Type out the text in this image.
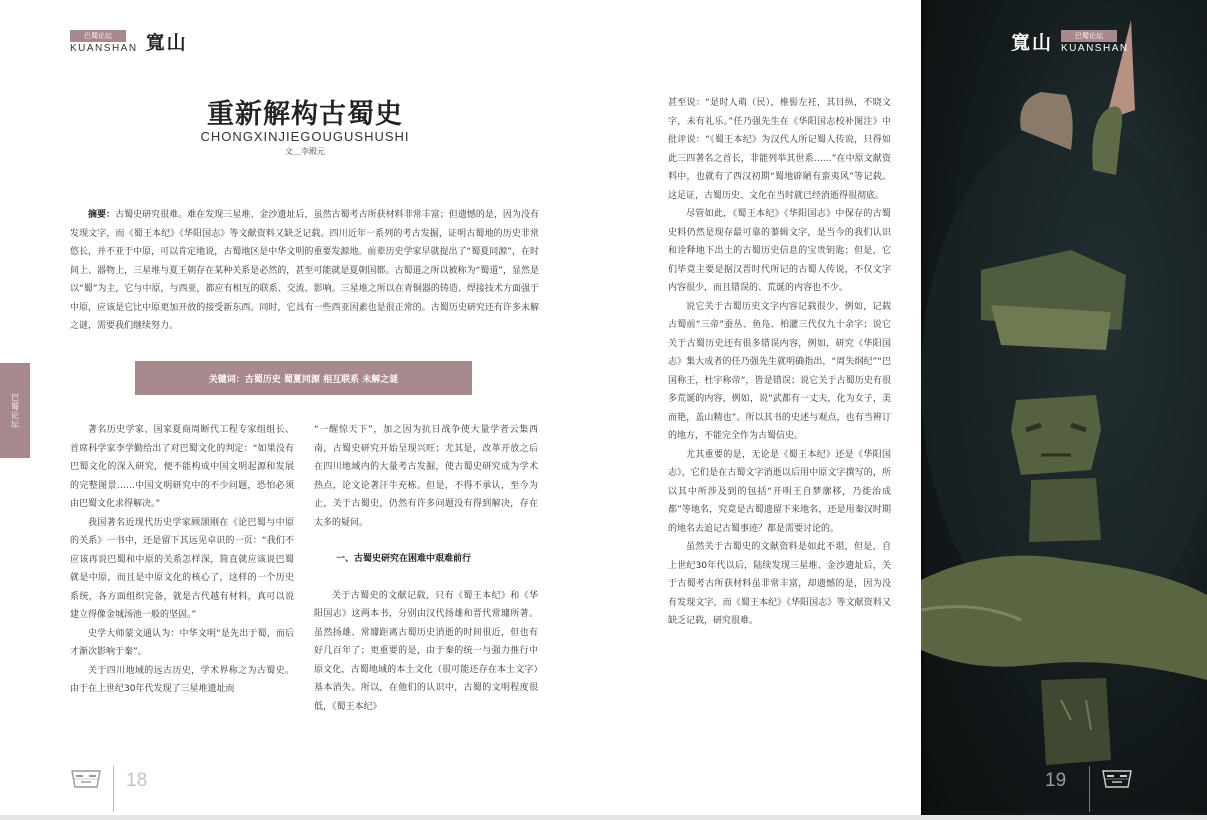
巴蜀论坛
KUANSHAN 寬山
巴蜀论坛
重新解构古蜀史
CHONGXINJIEGOUGUSHUSHI
文＿李殿元
摘要：古蜀史研究很难。难在发现三星堆、金沙遗址后，虽然古蜀考古所获材料非常丰富；但遗憾的是，因为没有发现文字，而《蜀王本纪》《华阳国志》等文献资料又缺乏记载。四川近年一系列的考古发掘，证明古蜀地的历史非常悠长，并不亚于中原，可以肯定地说，古蜀地区是中华文明的重要发源地。前辈历史学家早就提出了“蜀夏同源”，在时间上、器物上，三星堆与夏王朝存在某种关系是必然的，甚至可能就是夏朝国都。古蜀道之所以被称为“蜀道”，显然是以“蜀”为主，它与中原，与西亚，都应有相互的联系、交流、影响。三星堆之所以在青铜器的铸造、焊接技术方面强于中原，应该是它比中原更加开放的接受新东西。同时，它具有一些西亚因素也是很正常的。古蜀历史研究还有许多未解之谜，需要我们继续努力。
关键词：古蜀历史 蜀夏同源 相互联系 未解之谜

著名历史学家、国家夏商周断代工程专家组组长、首席科学家李学勤给出了对巴蜀文化的判定：“如果没有巴蜀文化的深入研究，便不能构成中国文明起源和发展的完整图景……中国文明研究中的不少问题，恐怕必须由巴蜀文化求得解决。”

我国著名近现代历史学家顾颉刚在《论巴蜀与中原的关系》一书中，还是留下其远见卓识的一页：“我们不应该再说巴蜀和中原的关系怎样深，简直就应该说巴蜀就是中原，而且是中原文化的核心了，这样的一个历史系统，各方面组织完备，就是古代越有材料，真可以说建立得像金城汤池一般的坚固。”

史学大师蒙文通认为：中华文明“是先出于蜀，而后才渐次影响于秦”。

关于四川地域的远古历史，学术界称之为古蜀史。由于在上世纪30年代发现了三星堆遗址而

“一醒惊天下”，加之因为抗日战争使大量学者云集西南，古蜀史研究开始呈现兴旺；尤其是，改革开放之后在四川地域内的大量考古发掘，使古蜀史研究成为学术热点，论文论著汗牛充栋。但是，不得不承认，至今为止，关于古蜀史，仍然有许多问题没有得到解决，存在太多的疑问。

一、古蜀史研究在困难中艰难前行

关于古蜀史的文献记载，只有《蜀王本纪》和《华阳国志》这两本书，分别由汉代扬雄和晋代常璩所著。虽然扬雄、常璩距离古蜀历史消逝的时间很近，但也有好几百年了；更重要的是，由于秦的统一与强力推行中原文化，古蜀地域的本土文化（很可能还存在本土文字）基本消失。所以，在他们的认识中，古蜀的文明程度很低，《蜀王本纪》

18

甚至说：“是时人萌（民），椎髻左衽，其目纵，不晓文字，未有礼乐。”任乃强先生在《华阳国志校补图注》中批评说：“《蜀王本纪》为汉代人所记蜀人传说，只得如此三四著名之首长，非能列举其世系……”在中原文献资料中，也就有了西汉初期“蜀地辟陋有蛮夷风”等记载。这足证，古蜀历史、文化在当时就已经消逝得很彻底。

尽管如此，《蜀王本纪》《华阳国志》中保存的古蜀史料仍然是现存最可靠的蓁辑文字，是当今的我们认识和诠释地下出土的古蜀历史信息的宝贵钥匙；但是，它们毕竟主要是据汉晋时代所记的古蜀人传说，不仅文字内容很少，而且错误的、荒诞的内容也不少。

说它关于古蜀历史文字内容记载很少，例如，记载古蜀前“三帝”蚕丛、鱼凫、柏灌三代仅九十余字；说它关于古蜀历史还有很多错误内容，例如，研究《华阳国志》集大成者的任乃强先生就明确指出，“周失纲纪”“巴国称王，杜宇称帝”，皆是错误；说它关于古蜀历史有很多荒诞的内容，例如，说“武都有一丈夫，化为女子，美而艳，盖山精也”。所以其书的史述与观点，也有当辨订的地方，不能完全作为古蜀信史。

尤其重要的是，无论是《蜀王本纪》还是《华阳国志》，它们是在古蜀文字消逝以后用中原文字撰写的，所以其中所涉及到的包括“开明王自梦廓移，乃徙治成都”等地名，究竟是古蜀遗留下来地名，还是用秦汉时期的地名去追记古蜀事迹？都是需要讨论的。

虽然关于古蜀史的文献资料是如此不堪，但是，自上世纪30年代以后，陆续发现三星堆、金沙遗址后，关于古蜀考古所获材料虽非常丰富，却遗憾的是，因为没有发现文字，而《蜀王本纪》《华阳国志》等文献资料又缺乏记载，研究很难。

寬山	巴蜀论坛
KUANSHAN
19
